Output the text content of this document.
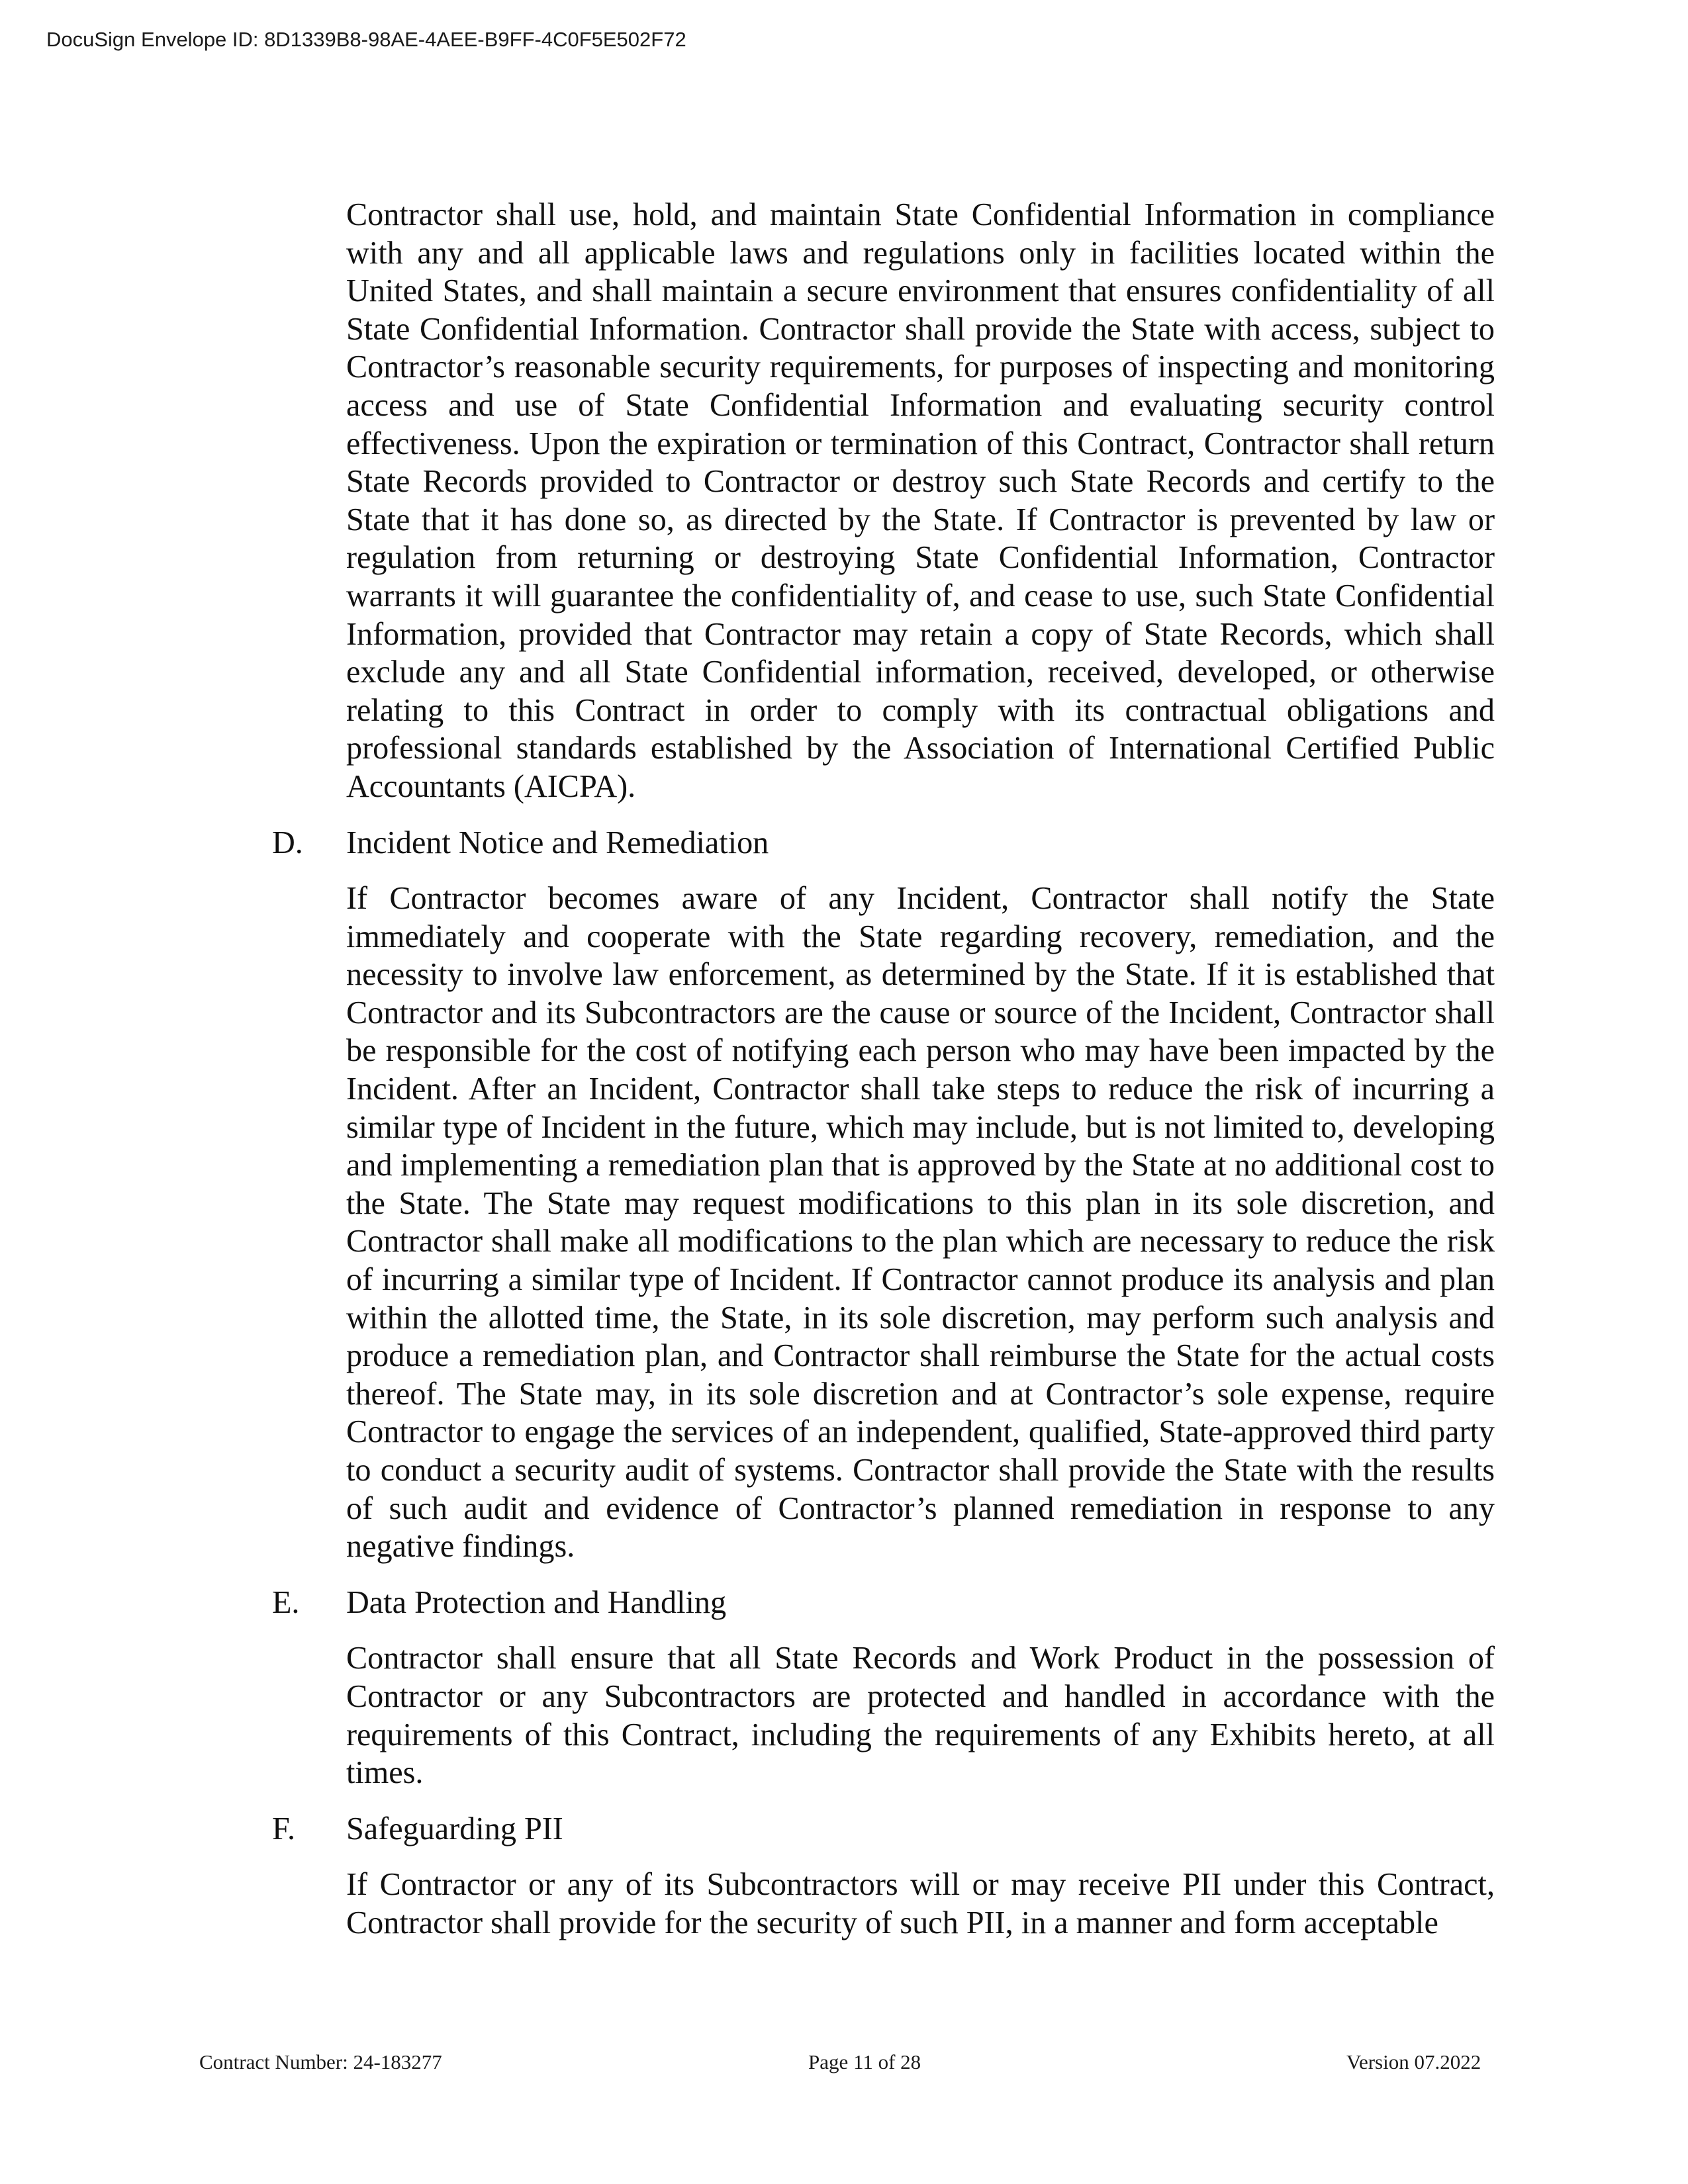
DocuSign Envelope ID: 8D1339B8-98AE-4AEE-B9FF-4C0F5E502F72

Contractor shall use, hold, and maintain State Confidential Information in compliance with any and all applicable laws and regulations only in facilities located within the United States, and shall maintain a secure environment that ensures confidentiality of all State Confidential Information. Contractor shall provide the State with access, subject to Contractor’s reasonable security requirements, for purposes of inspecting and monitoring access and use of State Confidential Information and evaluating security control effectiveness. Upon the expiration or termination of this Contract, Contractor shall return State Records provided to Contractor or destroy such State Records and certify to the State that it has done so, as directed by the State. If Contractor is prevented by law or regulation from returning or destroying State Confidential Information, Contractor warrants it will guarantee the confidentiality of, and cease to use, such State Confidential Information, provided that Contractor may retain a copy of State Records, which shall exclude any and all State Confidential information, received, developed, or otherwise relating to this Contract in order to comply with its contractual obligations and professional standards established by the Association of International Certified Public Accountants (AICPA).

D. Incident Notice and Remediation

If Contractor becomes aware of any Incident, Contractor shall notify the State immediately and cooperate with the State regarding recovery, remediation, and the necessity to involve law enforcement, as determined by the State. If it is established that Contractor and its Subcontractors are the cause or source of the Incident, Contractor shall be responsible for the cost of notifying each person who may have been impacted by the Incident. After an Incident, Contractor shall take steps to reduce the risk of incurring a similar type of Incident in the future, which may include, but is not limited to, developing and implementing a remediation plan that is approved by the State at no additional cost to the State. The State may request modifications to this plan in its sole discretion, and Contractor shall make all modifications to the plan which are necessary to reduce the risk of incurring a similar type of Incident. If Contractor cannot produce its analysis and plan within the allotted time, the State, in its sole discretion, may perform such analysis and produce a remediation plan, and Contractor shall reimburse the State for the actual costs thereof. The State may, in its sole discretion and at Contractor’s sole expense, require Contractor to engage the services of an independent, qualified, State-approved third party to conduct a security audit of systems. Contractor shall provide the State with the results of such audit and evidence of Contractor’s planned remediation in response to any negative findings.

E. Data Protection and Handling

Contractor shall ensure that all State Records and Work Product in the possession of Contractor or any Subcontractors are protected and handled in accordance with the requirements of this Contract, including the requirements of any Exhibits hereto, at all times.

F. Safeguarding PII

If Contractor or any of its Subcontractors will or may receive PII under this Contract, Contractor shall provide for the security of such PII, in a manner and form acceptable

Contract Number: 24-183277	Page 11 of 28	Version 07.2022
